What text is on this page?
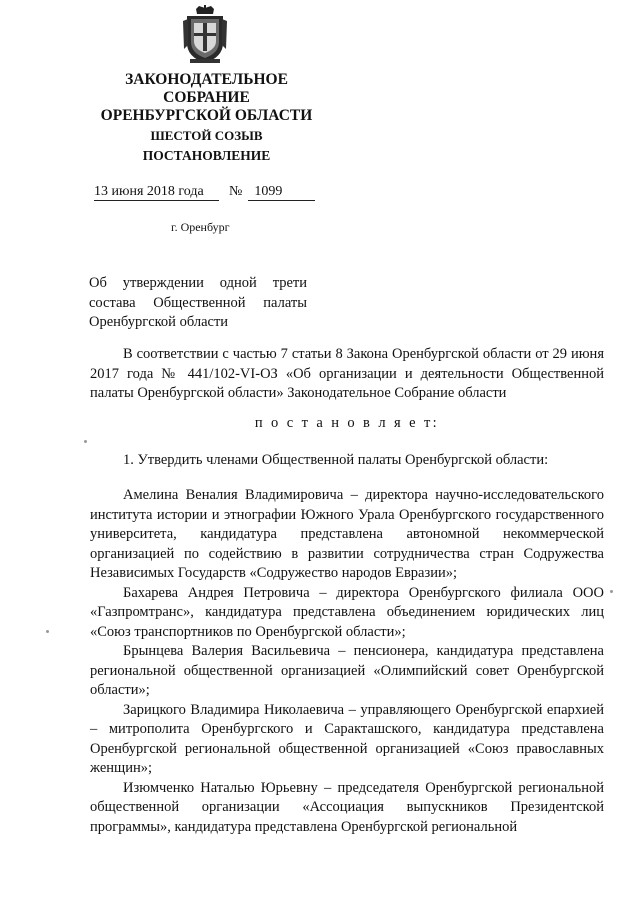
ЗАКОНОДАТЕЛЬНОЕ
СОБРАНИЕ
ОРЕНБУРГСКОЙ ОБЛАСТИ
ШЕСТОЙ СОЗЫВ
ПОСТАНОВЛЕНИЕ
13 июня 2018 года № 1099
г. Оренбург
Об утверждении одной трети состава Общественной палаты Оренбургской области
В соответствии с частью 7 статьи 8 Закона Оренбургской области от 29 июня 2017 года № 441/102-VI-ОЗ «Об организации и деятельности Общественной палаты Оренбургской области» Законодательное Собрание области
п о с т а н о в л я е т:
1. Утвердить членами Общественной палаты Оренбургской области:

Амелина Веналия Владимировича – директора научно-исследовательского института истории и этнографии Южного Урала Оренбургского государственного университета, кандидатура представлена автономной некоммерческой организацией по содействию в развитии сотрудничества стран Содружества Независимых Государств «Содружество народов Евразии»;

Бахарева Андрея Петровича – директора Оренбургского филиала ООО «Газпромтранс», кандидатура представлена объединением юридических лиц «Союз транспортников по Оренбургской области»;

Брынцева Валерия Васильевича – пенсионера, кандидатура представлена региональной общественной организацией «Олимпийский совет Оренбургской области»;

Зарицкого Владимира Николаевича – управляющего Оренбургской епархией – митрополита Оренбургского и Саракташского, кандидатура представлена Оренбургской региональной общественной организацией «Союз православных женщин»;

Изюмченко Наталью Юрьевну – председателя Оренбургской региональной общественной организации «Ассоциация выпускников Президентской программы», кандидатура представлена Оренбургской региональной
